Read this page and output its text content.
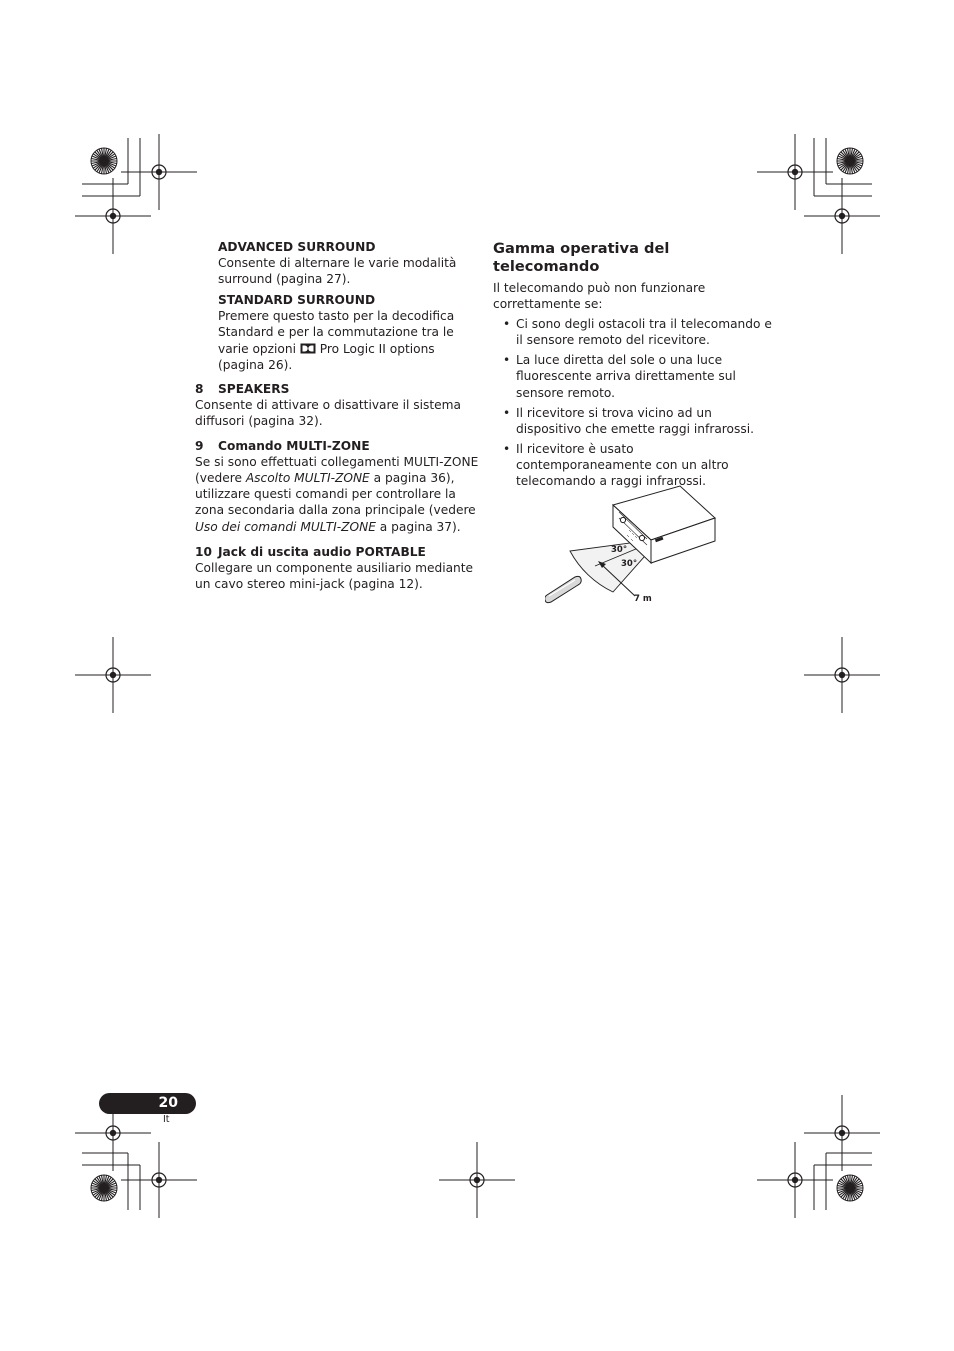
ADVANCED SURROUND
Consente di alternare le varie modalità surround (pagina 27).
STANDARD SURROUND
Premere questo tasto per la decodifica Standard e per la commutazione tra le varie opzioni  Pro Logic II options (pagina 26).
8 SPEAKERS
Consente di attivare o disattivare il sistema diffusori (pagina 32).
9 Comando MULTI-ZONE
Se si sono effettuati collegamenti MULTI-ZONE (vedere Ascolto MULTI-ZONE a pagina 36), utilizzare questi comandi per controllare la zona secondaria dalla zona principale (vedere Uso dei comandi MULTI-ZONE a pagina 37).
10 Jack di uscita audio PORTABLE
Collegare un componente ausiliario mediante un cavo stereo mini-jack (pagina 12).
Gamma operativa del telecomando
Il telecomando può non funzionare correttamente se:
• Ci sono degli ostacoli tra il telecomando e il sensore remoto del ricevitore.
• La luce diretta del sole o una luce fluorescente arriva direttamente sul sensore remoto.
• Il ricevitore si trova vicino ad un dispositivo che emette raggi infrarossi.
• Il ricevitore è usato contemporaneamente con un altro telecomando a raggi infrarossi.
30°
30°
7 m
20
It
